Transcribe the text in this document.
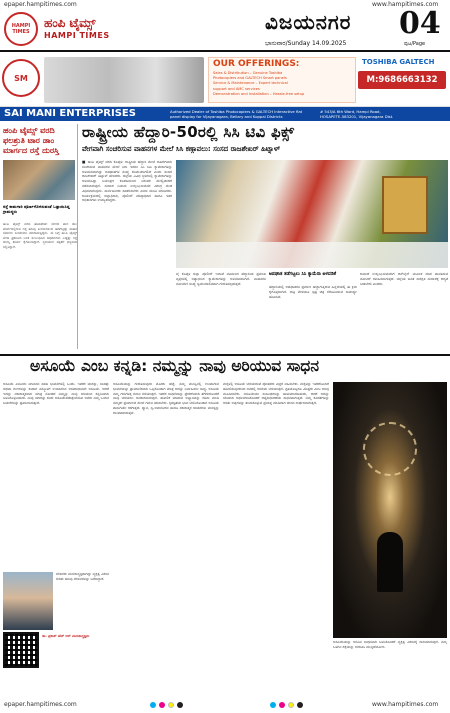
epaper.hampitimes.com	www.hampitimes.com
HAMPI TIMES
ಹಂಪಿ ಟೈಮ್ಸ್
HAMPI TIMES
ವಿಜಯನಗರ
ಭಾನುವಾರ/Sunday 14.09.2025
04
ಪುಟ/Page
SM
OUR OFFERINGS:
Sales & Distribution – Genuine Toshiba
Photocopiers and GALTECH Smart panels
Service & Maintenance – Expert technical
support and AMC services
Demonstration and Installation – Hassle-free setup
TOSHIBA GALTECH
M:9686663132
SAI MANI ENTERPRISES	Authorized Dealer of Toshiba Photocopiers & GALTECH Interactive flat
panel display for Vijayanagara, Bellary and Koppal Districts
# 543/A 6th Ward, Hampi Road,
HOSAPETE-583201, Vijayanagara Dist.
ಹಂಪಿ ಟೈಮ್ಸ್ ವರದಿ ಫಲಶ್ರುತಿ ಟಾರ ಡಾಂ ಮಾರ್ಗದ ರಸ್ತೆ ದುರಸ್ತಿ
ರಸ್ತೆ ಕಾಮಗಾರಿ ಪೂರ್ಣಗೊಳಿಸುವಂತೆ ಒತ್ತಾಯಿಸಿದ್ದ ಗ್ರಾಮಸ್ಥರು
ಹಂಪಿ ಟೈಮ್ಸ್ ವರದಿ ಹೊಸಪೇಟೆ: ನಗರದ ಟಾರ ಡಾಂ ಮಾರ್ಗದಲ್ಲಿರುವ ರಸ್ತೆ ಹಲವು ತಿಂಗಳುಗಳಿಂದ ಹದಗೆಟ್ಟಿದ್ದು ವಾಹನ ಸವಾರರು ಸಂಚರಿಸಲು ಪರದಾಡುತ್ತಿದ್ದರು. ಈ ಬಗ್ಗೆ ಹಂಪಿ ಟೈಮ್ಸ್ ವರದಿ ಪ್ರಕಟಿಸಿದ ಬಳಿಕ ಸಂಬಂಧಿಸಿದ ಅಧಿಕಾರಿಗಳು ಎಚ್ಚೆತ್ತು ರಸ್ತೆ ದುರಸ್ತಿ ಕಾರ್ಯ ಕೈಗೊಂಡಿದ್ದಾರೆ. ಸ್ಥಳೀಯರು ಪತ್ರಿಕೆಗೆ ಧನ್ಯವಾದ ಸಲ್ಲಿಸಿದ್ದಾರೆ.
ರಾಷ್ಟ್ರೀಯ ಹೆದ್ದಾರಿ-50ರಲ್ಲಿ ಸಿಸಿ ಟಿವಿ ಫಿಕ್ಸ್
ವೇಗವಾಗಿ ಸಂಚರಿಸುವ ವಾಹನಗಳ ಮೇಲೆ ಸಿಸಿ ಕಣ್ಗಾವಲು: ಸಂಸದ ರಾಜಶೇಖರ್ ಹಿಟ್ನಾಳ್
■ ಹಂಪಿ ಟೈಮ್ಸ್ ವರದಿ ಕೊಪ್ಪಳ: ರಾಷ್ಟ್ರೀಯ ಹೆದ್ದಾರಿ ಮೇಲೆ ಅತಿವೇಗವಾಗಿ ಸಂಚರಿಸುವ ವಾಹನಗಳ ಮೇಲೆ ನಿಗಾ ಇಡಲು ಸಿಸಿ ಟಿವಿ ಕ್ಯಾಮೆರಾಗಳನ್ನು ಅಳವಡಿಸಲಾಗಿದ್ದು ಅಪಘಾತಗಳ ಸಂಖ್ಯೆ ಕಡಿಮೆಯಾಗಲಿದೆ ಎಂದು ಸಂಸದ ರಾಜಶೇಖರ್ ಹಿಟ್ನಾಳ್ ಹೇಳಿದರು. ಜಿಲ್ಲೆಯ ವಿವಿಧ ಸ್ಥಳಗಳಲ್ಲಿ ಕ್ಯಾಮೆರಾಗಳನ್ನು ಅಳವಡಿಸಿದ್ದು ನಿಯಂತ್ರಣ ಕೊಠಡಿಯಿಂದ ನಿರಂತರ ಮೇಲ್ವಿಚಾರಣೆ ನಡೆಸಲಾಗುತ್ತದೆ. ಸಂಚಾರ ನಿಯಮ ಉಲ್ಲಂಘಿಸುವವರ ವಿರುದ್ಧ ದಂಡ ವಿಧಿಸಲಾಗುವುದು. ಸಾರ್ವಜನಿಕರು ಸಹಕರಿಸಬೇಕು ಎಂದು ಮನವಿ ಮಾಡಿದರು. ಕಾರ್ಯಕ್ರಮದಲ್ಲಿ ಜಿಲ್ಲಾಧಿಕಾರಿ, ಪೊಲೀಸ್ ವರಿಷ್ಠಾಧಿಕಾರಿ ಹಾಗೂ ಇತರ ಅಧಿಕಾರಿಗಳು ಉಪಸ್ಥಿತರಿದ್ದರು.
ಲೈ ಕೊಪ್ಪಳ ಜಿಲ್ಲಾ ಪೊಲೀಸ್ ಇಲಾಖೆ ವತಿಯಿಂದ ಹೆದ್ದಾರಿಯ ಪ್ರಮುಖ ವೃತ್ತಗಳಲ್ಲಿ ಅತ್ಯಾಧುನಿಕ ಕ್ಯಾಮೆರಾಗಳನ್ನು ಅಳವಡಿಸಲಾಗಿದೆ. ವಾಹನಗಳ ನೋಂದಣಿ ಸಂಖ್ಯೆ ಸ್ವಯಂಚಾಲಿತವಾಗಿ ಗುರುತಿಸಲ್ಪಡುತ್ತದೆ.
ಅಪಘಾತ ತಡೆಗಟ್ಟಲು ಸಿಸಿ ಕ್ಯಾಮೆರಾ ಅಳವಡಿಕೆ
ಹೆದ್ದಾರಿಯಲ್ಲಿ ಅಪಘಾತಗಳ ಪ್ರಮಾಣ ಹೆಚ್ಚಾಗುತ್ತಿರುವ ಹಿನ್ನೆಲೆಯಲ್ಲಿ ಈ ಕ್ರಮ ಕೈಗೊಳ್ಳಲಾಗಿದೆ. ರಾತ್ರಿ ವೇಳೆಯೂ ಸ್ಪಷ್ಟ ಚಿತ್ರ ಸೆರೆಹಿಡಿಯುವ ಸಾಮರ್ಥ್ಯ ಹೊಂದಿವೆ.
ಕಾಯಿದೆ ಉಲ್ಲಂಘಿಸುವವರಿಗೆ ಆನ್‌ಲೈನ್ ಮೂಲಕ ದಂಡ ಪಾವತಿಸುವ ನೋಟಿಸ್ ಕಳುಹಿಸಲಾಗುತ್ತದೆ. ಜಿಲ್ಲೆಯ ಜನತೆ ಸುರಕ್ಷಿತ ಸಂಚಾರಕ್ಕೆ ಆದ್ಯತೆ ನೀಡಬೇಕು ಎಂದರು.
ಅಸೂಯೆ ಎಂಬ ಕನ್ನಡಿ: ನಮ್ಮನ್ನು ನಾವು ಅರಿಯುವ ಸಾಧನ
ಅಸೂಯೆ ಎಂಬುದು ಮಾನವನ ಸಹಜ ಭಾವನೆಗಳಲ್ಲಿ ಒಂದು. ಇತರರ ಯಶಸ್ಸು, ಸಂಪತ್ತು ಅಥವಾ ಗುಣಗಳನ್ನು ಕಂಡಾಗ ನಮ್ಮೊಳಗೆ ಉಂಟಾಗುವ ಅಸಮಾಧಾನವೇ ಅಸೂಯೆ. ಆದರೆ ಇದನ್ನು ನಕಾರಾತ್ಮಕವಾಗಿ ಮಾತ್ರ ನೋಡದೆ ನಮ್ಮನ್ನು ನಾವು ಅರಿಯುವ ಕನ್ನಡಿಯಾಗಿ ಬಳಸಿಕೊಳ್ಳಬಹುದು. ನಾವು ಯಾರನ್ನು ಕಂಡು ಅಸೂಯೆಪಡುತ್ತೇವೆಯೋ ಅವರು ನಮ್ಮ ಒಳಗಿನ ಬಯಕೆಗಳನ್ನು ಪ್ರತಿಬಿಂಬಿಸುತ್ತಾರೆ.
ಅಸೂಯೆಯನ್ನು ಗುರುತಿಸುವುದು ಮೊದಲ ಹೆಜ್ಜೆ. ನಮ್ಮ ಮನಸ್ಸಿನಲ್ಲಿ ಉಂಟಾಗುವ ಭಾವನೆಯನ್ನು ಪ್ರಾಮಾಣಿಕವಾಗಿ ಒಪ್ಪಿಕೊಂಡಾಗ ಮಾತ್ರ ಅದನ್ನು ನಿರ್ವಹಿಸಲು ಸಾಧ್ಯ. ಅಸೂಯೆ ನಮ್ಮ ಗುರಿಗಳತ್ತ ಗಮನ ಸೆಳೆಯುತ್ತದೆ. ಇತರರ ಸಾಧನೆಯನ್ನು ಪ್ರೇರಣೆಯಾಗಿ ತೆಗೆದುಕೊಂಡರೆ ನಾವು ಬೆಳೆಯಲು ಅವಕಾಶವಾಗುತ್ತದೆ. ಹೋಲಿಕೆ ಮಾಡುವ ಅಭ್ಯಾಸವನ್ನು ಕಡಿಮೆ ಮಾಡಿ ನಮ್ಮದೇ ಪ್ರಯಾಣದ ಮೇಲೆ ಗಮನ ಹರಿಸಬೇಕು. ಕೃತಜ್ಞತೆಯ ಭಾವ ಬೆಳೆಸಿಕೊಂಡಾಗ ಅಸೂಯೆ ತಾನಾಗಿಯೇ ಕರಗುತ್ತದೆ. ಧ್ಯಾನ, ಸ್ವ-ಅವಲೋಕನ ಹಾಗೂ ಸಕಾರಾತ್ಮಕ ಚಿಂತನೆಗಳು ಮನಸ್ಸನ್ನು ಶಾಂತವಾಗಿಡುತ್ತವೆ.
ಮಕ್ಕಳಲ್ಲಿ ಅಸೂಯೆ ಬೆಳೆಯದಂತೆ ಪೋಷಕರು ಎಚ್ಚರ ವಹಿಸಬೇಕು. ಮಕ್ಕಳನ್ನು ಇತರರೊಂದಿಗೆ ಹೋಲಿಸುವುದರಿಂದ ಅವರಲ್ಲಿ ಕೀಳರಿಮೆ ಬೆಳೆಯುತ್ತದೆ. ಪ್ರತಿಯೊಬ್ಬರೂ ವಿಶಿಷ್ಟರು ಎಂಬ ಅರಿವು ಮೂಡಿಸಬೇಕು. ಅಸೂಯೆಯು ಸಂಬಂಧಗಳನ್ನು ಹಾಳುಮಾಡಬಹುದು, ಆದರೆ ಅದನ್ನು ಸರಿಯಾಗಿ ಅರ್ಥಮಾಡಿಕೊಂಡರೆ ಆತ್ಮಸುಧಾರಣೆಯ ಸಾಧನವಾಗುತ್ತದೆ. ನಮ್ಮ ಕೊರತೆಗಳನ್ನು ಅರಿತು ಅವುಗಳನ್ನು ತುಂಬಿಕೊಳ್ಳುವ ಪ್ರಯತ್ನ ಮಾಡಿದಾಗ ಜೀವನ ಸಾರ್ಥಕವಾಗುತ್ತದೆ.
ಅಸೂಯೆಯನ್ನು ಅರಿವಿನ ಸಾಧನವಾಗಿ ಬಳಸಿಕೊಂಡರೆ ವ್ಯಕ್ತಿತ್ವ ವಿಕಸನಕ್ಕೆ ದಾರಿಯಾಗುತ್ತದೆ. ನಮ್ಮ ಒಳಗಿನ ಶಕ್ತಿಯನ್ನು ಗುರುತಿಸಿ ಮುನ್ನಡೆಯೋಣ.
ಲೇಖಕರು ಮನಃಶಾಸ್ತ್ರಜ್ಞರಾಗಿದ್ದು ವ್ಯಕ್ತಿತ್ವ ವಿಕಸನ ಕುರಿತು ಹಲವು ಲೇಖನಗಳನ್ನು ಬರೆದಿದ್ದಾರೆ.
ಡಾ. ಪ್ರಕಾಶ್ ಹೆಚ್ ಆರ್ ಮನಃಶಾಸ್ತ್ರಜ್ಞರು
epaper.hampitimes.com	www.hampitimes.com
